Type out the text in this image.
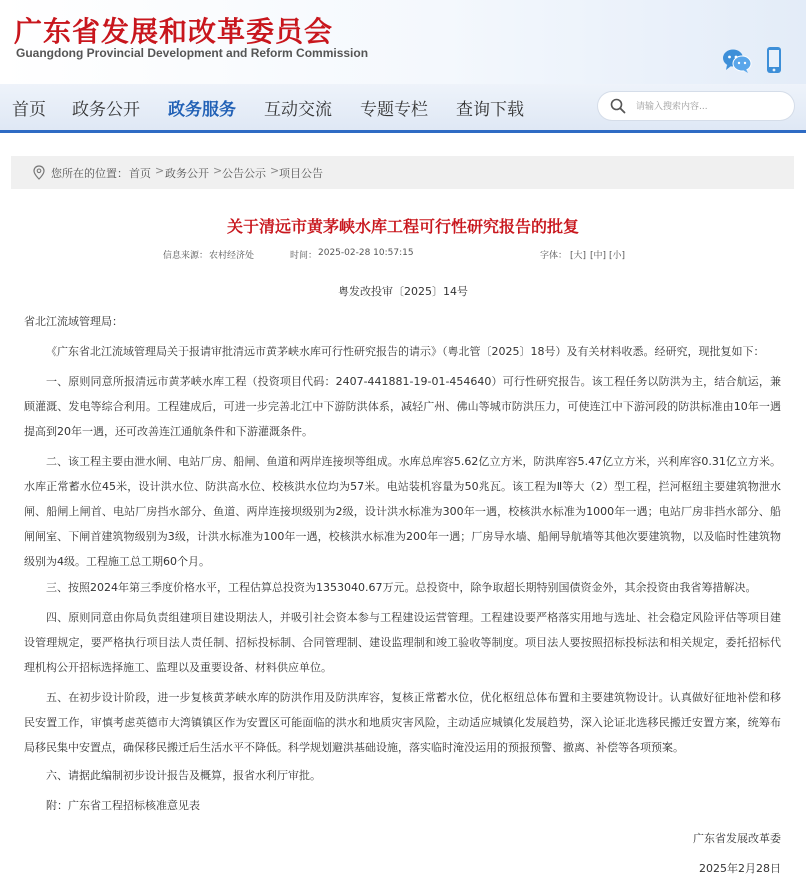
广东省发展和改革委员会
Guangdong Provincial Development and Reform Commission
首页 政务公开 政务服务 互动交流 专题专栏 查询下载
请输入搜索内容...
您所在的位置： 首页 > 政务公开 > 公告公示 > 项目公告
关于清远市黄茅峡水库工程可行性研究报告的批复
信息来源： 农村经济处	时间： 2025-02-28 10:57:15	字体： [大] [中] [小]
粤发改投审〔2025〕14号

省北江流域管理局：

《广东省北江流域管理局关于报请审批清远市黄茅峡水库可行性研究报告的请示》（粤北管〔2025〕18号）及有关材料收悉。经研究，现批复如下：

一、原则同意所报清远市黄茅峡水库工程（投资项目代码：2407-441881-19-01-454640）可行性研究报告。该工程任务以防洪为主，结合航运，兼顾灌溉、发电等综合利用。工程建成后，可进一步完善北江中下游防洪体系，减轻广州、佛山等城市防洪压力，可使连江中下游河段的防洪标准由10年一遇提高到20年一遇，还可改善连江通航条件和下游灌溉条件。

二、该工程主要由泄水闸、电站厂房、船闸、鱼道和两岸连接坝等组成。水库总库容5.62亿立方米，防洪库容5.47亿立方米，兴利库容0.31亿立方米。水库正常蓄水位45米，设计洪水位、防洪高水位、校核洪水位均为57米。电站装机容量为50兆瓦。该工程为Ⅱ等大（2）型工程，拦河枢纽主要建筑物泄水闸、船闸上闸首、电站厂房挡水部分、鱼道、两岸连接坝级别为2级，设计洪水标准为300年一遇，校核洪水标准为1000年一遇；电站厂房非挡水部分、船闸闸室、下闸首建筑物级别为3级，计洪水标准为100年一遇，校核洪水标准为200年一遇；厂房导水墙、船闸导航墙等其他次要建筑物，以及临时性建筑物级别为4级。工程施工总工期60个月。

三、按照2024年第三季度价格水平，工程估算总投资为1353040.67万元。总投资中，除争取超长期特别国债资金外，其余投资由我省筹措解决。

四、原则同意由你局负责组建项目建设期法人，并吸引社会资本参与工程建设运营管理。工程建设要严格落实用地与选址、社会稳定风险评估等项目建设管理规定，要严格执行项目法人责任制、招标投标制、合同管理制、建设监理制和竣工验收等制度。项目法人要按照招标投标法和相关规定，委托招标代理机构公开招标选择施工、监理以及重要设备、材料供应单位。

五、在初步设计阶段，进一步复核黄茅峡水库的防洪作用及防洪库容，复核正常蓄水位，优化枢纽总体布置和主要建筑物设计。认真做好征地补偿和移民安置工作，审慎考虑英德市大湾镇镇区作为安置区可能面临的洪水和地质灾害风险，主动适应城镇化发展趋势，深入论证北选移民搬迁安置方案，统筹布局移民集中安置点，确保移民搬迁后生活水平不降低。科学规划避洪基础设施，落实临时淹没运用的预报预警、撤离、补偿等各项预案。

六、请据此编制初步设计报告及概算，报省水利厅审批。

附：广东省工程招标核准意见表

广东省发展改革委
2025年2月28日
